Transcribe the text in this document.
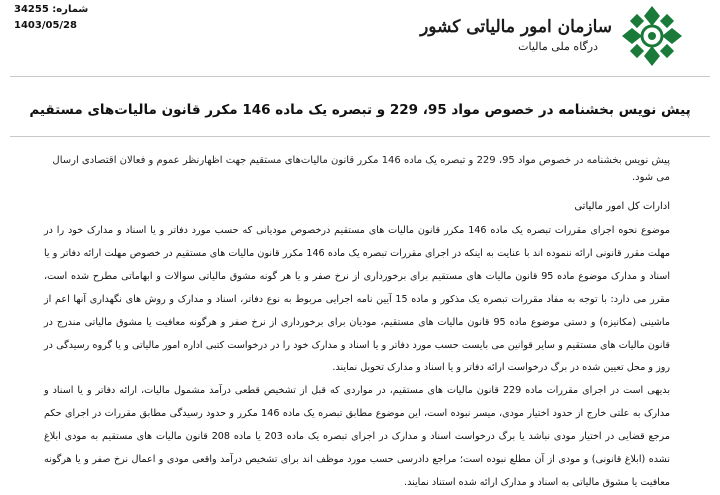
شماره: 34255
1403/05/28	سازمان امور مالیاتی کشور
درگاه ملی مالیات
پیش نویس بخشنامه در خصوص مواد 95، 229 و تبصره یک ماده 146 مکرر قانون مالیات‌های مستقیم
پیش نویس بخشنامه در خصوص مواد 95، 229 و تبصره یک ماده 146 مکرر قانون مالیات‌های مستقیم جهت اظهارنظر عموم و فعالان اقتصادی ارسال می شود.
ادارات کل امور مالیاتی

موضوع نحوه اجرای مقررات تبصره یک ماده 146 مکرر قانون مالیات های مستقیم درخصوص مودیانی که حسب مورد دفاتر و یا اسناد و مدارک خود را در مهلت مقرر قانونی ارائه ننموده اند با عنایت به اینکه در اجرای مقررات تبصره یک ماده 146 مکرر قانون مالیات های مستقیم در خصوص مهلت ارائه دفاتر و یا اسناد و مدارک موضوع ماده 95 قانون مالیات های مستقیم برای برخورداری از نرخ صفر و یا هر گونه مشوق مالیاتی سوالات و ابهاماتی مطرح شده است، مقرر می دارد: با توجه به مفاد مقررات تبصره یک مذکور و ماده 15 آیین نامه اجرایی مربوط به نوع دفاتر، اسناد و مدارک و روش های نگهداری آنها اعم از ماشینی (مکانیزه) و دستی موضوع ماده 95 قانون مالیات های مستقیم، مودیان برای برخورداری از نرخ صفر و هرگونه معافیت یا مشوق مالیاتی مندرج در قانون مالیات های مستقیم و سایر قوانین می بایست حسب مورد دفاتر و یا اسناد و مدارک خود را در درخواست کتبی اداره امور مالیاتی و یا گروه رسیدگی در روز و محل تعیین شده در برگ درخواست ارائه دفاتر و یا اسناد و مدارک تحویل نمایند.

بدیهی است در اجرای مقررات ماده 229 قانون مالیات های مستقیم، در مواردی که قبل از تشخیص قطعی درآمد مشمول مالیات، ارائه دفاتر و یا اسناد و مدارک به علتی خارج از حدود اختیار مودی، میسر نبوده است، این موضوع مطابق تبصره یک ماده 146 مکرر و حدود رسیدگی مطابق مقررات در اجرای حکم مرجع قضایی در اختیار مودی نباشد یا برگ درخواست اسناد و مدارک در اجرای تبصره یک ماده 203 یا ماده 208 قانون مالیات های مستقیم به مودی ابلاغ نشده (ابلاغ قانونی) و مودی از آن مطلع نبوده است؛ مراجع دادرسی حسب مورد موظف اند برای تشخیص درآمد واقعی مودی و اعمال نرخ صفر و یا هرگونه معافیت یا مشوق مالیاتی به اسناد و مدارک ارائه شده استناد نمایند.
